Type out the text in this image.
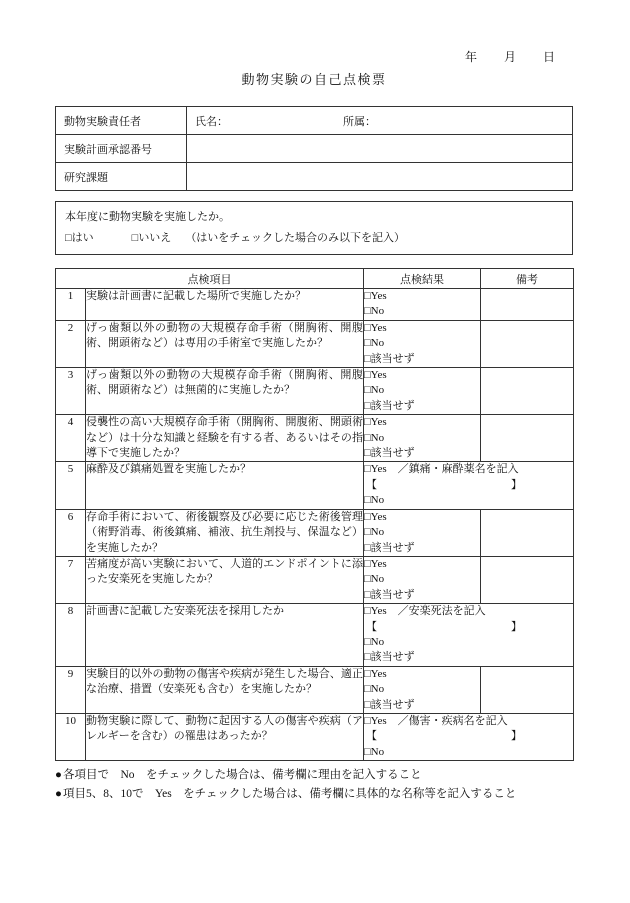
年　　月　　日
動物実験の自己点検票
動物実験責任者	氏名： 所属：
実験計画承認番号	
研究課題	
本年度に動物実験を実施したか。
□はい	□いいえ （はいをチェックした場合のみ以下を記入）
点検項目		点検結果	備考
1	実験は計画書に記載した場所で実施したか？	□Yes
□No	

2	げっ歯類以外の動物の大規模存命手術（開胸術、開腹術、開頭術など）は専用の手術室で実施したか？	□Yes
□No
□該当せず	

3	げっ歯類以外の動物の大規模存命手術（開胸術、開腹術、開頭術など）は無菌的に実施したか？	□Yes
□No
□該当せず	

4	侵襲性の高い大規模存命手術（開胸術、開腹術、開頭術など）は十分な知識と経験を有する者、あるいはその指導下で実施したか？	□Yes
□No
□該当せず	

5	麻酔及び鎮痛処置を実施したか？	□Yes　／鎮痛・麻酔薬名を記入
【 】
□No	

6	存命手術において、術後観察及び必要に応じた術後管理（術野消毒、術後鎮痛、補液、抗生剤投与、保温など）を実施したか？	□Yes
□No
□該当せず	

7	苦痛度が高い実験において、人道的エンドポイントに添った安楽死を実施したか？	□Yes
□No
□該当せず	

8	計画書に記載した安楽死法を採用したか	□Yes　／安楽死法を記入
【 】
□No
□該当せず	

9	実験目的以外の動物の傷害や疾病が発生した場合、適正な治療、措置（安楽死も含む）を実施したか？	□Yes
□No
□該当せず	

10	動物実験に際して、動物に起因する人の傷害や疾病（アレルギーを含む）の罹患はあったか？	□Yes　／傷害・疾病名を記入
【 】
□No	
●各項目で　No　をチェックした場合は、備考欄に理由を記入すること
●項目5、8、10で　Yes　をチェックした場合は、備考欄に具体的な名称等を記入すること
